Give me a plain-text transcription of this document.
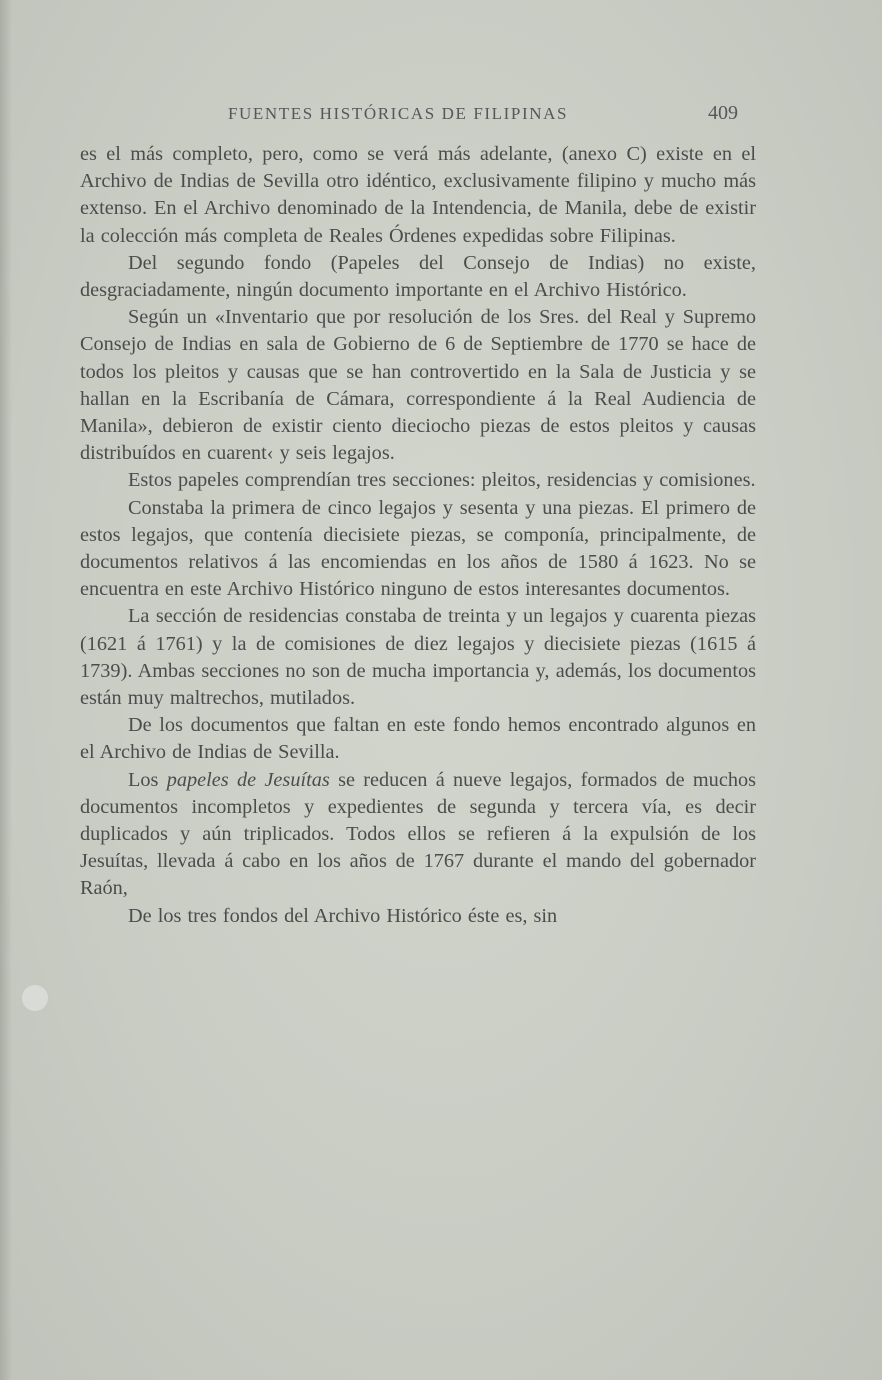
FUENTES HISTÓRICAS DE FILIPINAS	409

es el más completo, pero, como se verá más adelante, (anexo C) existe en el Archivo de Indias de Sevilla otro idéntico, exclusivamente filipino y mucho más extenso. En el Archivo denominado de la Intendencia, de Manila, debe de existir la colección más completa de Reales Órdenes expedidas sobre Filipinas.

Del segundo fondo (Papeles del Consejo de Indias) no existe, desgraciadamente, ningún documento importante en el Archivo Histórico.

Según un «Inventario que por resolución de los Sres. del Real y Supremo Consejo de Indias en sala de Gobierno de 6 de Septiembre de 1770 se hace de todos los pleitos y causas que se han controvertido en la Sala de Justicia y se hallan en la Escribanía de Cámara, correspondiente á la Real Audiencia de Manila», debieron de existir ciento dieciocho piezas de estos pleitos y causas distribuídos en cuarent‹ y seis legajos.

Estos papeles comprendían tres secciones: pleitos, residencias y comisiones.

Constaba la primera de cinco legajos y sesenta y una piezas. El primero de estos legajos, que contenía diecisiete piezas, se componía, principalmente, de documentos relativos á las encomiendas en los años de 1580 á 1623. No se encuentra en este Archivo Histórico ninguno de estos interesantes documentos.

La sección de residencias constaba de treinta y un legajos y cuarenta piezas (1621 á 1761) y la de comisiones de diez legajos y diecisiete piezas (1615 á 1739). Ambas secciones no son de mucha importancia y, además, los documentos están muy maltrechos, mutilados.

De los documentos que faltan en este fondo hemos encontrado algunos en el Archivo de Indias de Sevilla.

Los papeles de Jesuítas se reducen á nueve legajos, formados de muchos documentos incompletos y expedientes de segunda y tercera vía, es decir duplicados y aún triplicados. Todos ellos se refieren á la expulsión de los Jesuítas, llevada á cabo en los años de 1767 durante el mando del gobernador Raón,

De los tres fondos del Archivo Histórico éste es, sin
